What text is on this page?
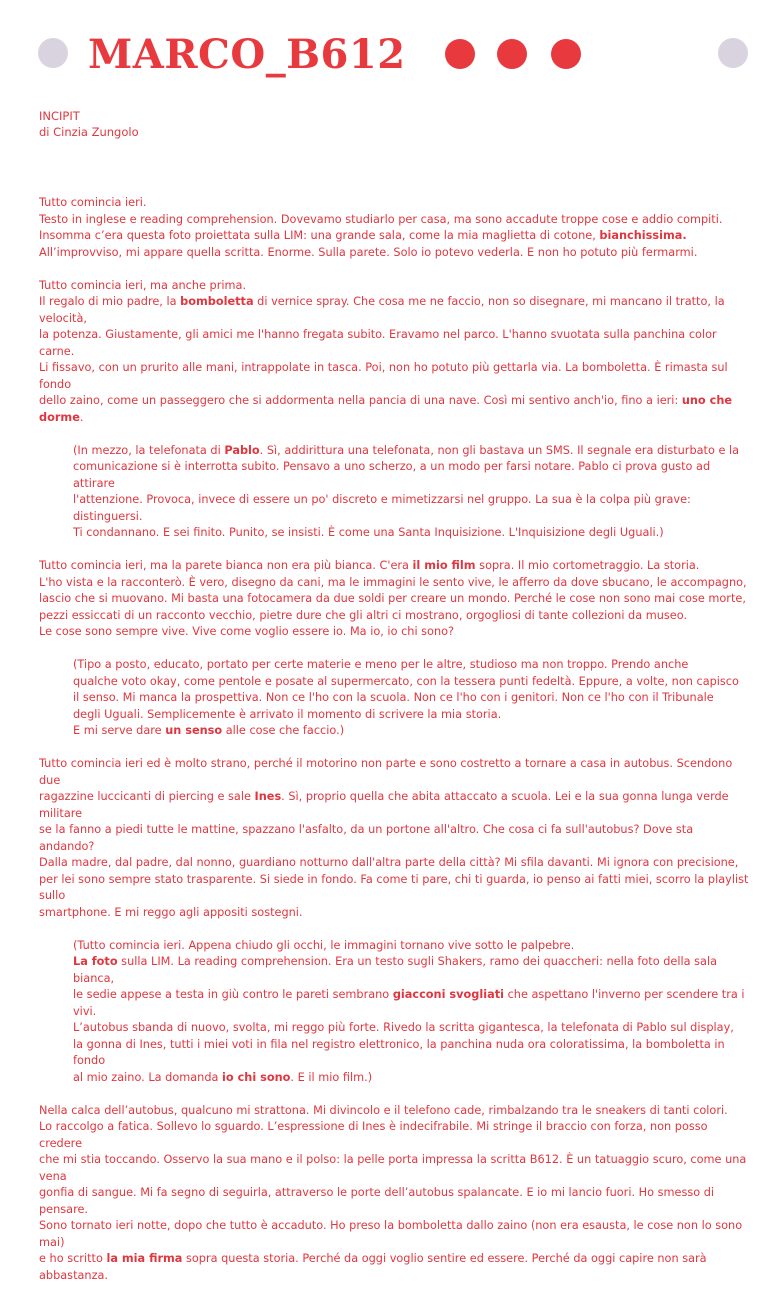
MARCO_B612
INCIPIT
di Cinzia Zungolo

Tutto comincia ieri.
Testo in inglese e reading comprehension. Dovevamo studiarlo per casa, ma sono accadute troppe cose e addio compiti.
Insomma c’era questa foto proiettata sulla LIM: una grande sala, come la mia maglietta di cotone, bianchissima.
All’improvviso, mi appare quella scritta. Enorme. Sulla parete. Solo io potevo vederla. E non ho potuto più fermarmi.

Tutto comincia ieri, ma anche prima.
Il regalo di mio padre, la bomboletta di vernice spray. Che cosa me ne faccio, non so disegnare, mi mancano il tratto, la velocità,
la potenza. Giustamente, gli amici me l'hanno fregata subito. Eravamo nel parco. L'hanno svuotata sulla panchina color carne.
Li fissavo, con un prurito alle mani, intrappolate in tasca. Poi, non ho potuto più gettarla via. La bomboletta. È rimasta sul fondo
dello zaino, come un passeggero che si addormenta nella pancia di una nave. Così mi sentivo anch'io, fino a ieri: uno che dorme.

(In mezzo, la telefonata di Pablo. Sì, addirittura una telefonata, non gli bastava un SMS. Il segnale era disturbato e la
comunicazione si è interrotta subito. Pensavo a uno scherzo, a un modo per farsi notare. Pablo ci prova gusto ad attirare
l'attenzione. Provoca, invece di essere un po' discreto e mimetizzarsi nel gruppo. La sua è la colpa più grave: distinguersi.
Ti condannano. E sei finito. Punito, se insisti. È come una Santa Inquisizione. L'Inquisizione degli Uguali.)

Tutto comincia ieri, ma la parete bianca non era più bianca. C'era il mio film sopra. Il mio cortometraggio. La storia.
L'ho vista e la racconterò. È vero, disegno da cani, ma le immagini le sento vive, le afferro da dove sbucano, le accompagno,
lascio che si muovano. Mi basta una fotocamera da due soldi per creare un mondo. Perché le cose non sono mai cose morte,
pezzi essiccati di un racconto vecchio, pietre dure che gli altri ci mostrano, orgogliosi di tante collezioni da museo.
Le cose sono sempre vive. Vive come voglio essere io. Ma io, io chi sono?

(Tipo a posto, educato, portato per certe materie e meno per le altre, studioso ma non troppo. Prendo anche
qualche voto okay, come pentole e posate al supermercato, con la tessera punti fedeltà. Eppure, a volte, non capisco
il senso. Mi manca la prospettiva. Non ce l'ho con la scuola. Non ce l'ho con i genitori. Non ce l'ho con il Tribunale
degli Uguali. Semplicemente è arrivato il momento di scrivere la mia storia.
E mi serve dare un senso alle cose che faccio.)

Tutto comincia ieri ed è molto strano, perché il motorino non parte e sono costretto a tornare a casa in autobus. Scendono due
ragazzine luccicanti di piercing e sale Ines. Sì, proprio quella che abita attaccato a scuola. Lei e la sua gonna lunga verde militare
se la fanno a piedi tutte le mattine, spazzano l'asfalto, da un portone all'altro. Che cosa ci fa sull'autobus? Dove sta andando?
Dalla madre, dal padre, dal nonno, guardiano notturno dall'altra parte della città? Mi sfila davanti. Mi ignora con precisione,
per lei sono sempre stato trasparente. Si siede in fondo. Fa come ti pare, chi ti guarda, io penso ai fatti miei, scorro la playlist sullo
smartphone. E mi reggo agli appositi sostegni.

(Tutto comincia ieri. Appena chiudo gli occhi, le immagini tornano vive sotto le palpebre.
La foto sulla LIM. La reading comprehension. Era un testo sugli Shakers, ramo dei quaccheri: nella foto della sala bianca,
le sedie appese a testa in giù contro le pareti sembrano giacconi svogliati che aspettano l'inverno per scendere tra i vivi.
L’autobus sbanda di nuovo, svolta, mi reggo più forte. Rivedo la scritta gigantesca, la telefonata di Pablo sul display,
la gonna di Ines, tutti i miei voti in fila nel registro elettronico, la panchina nuda ora coloratissima, la bomboletta in fondo
al mio zaino. La domanda io chi sono. E il mio film.)

Nella calca dell’autobus, qualcuno mi strattona. Mi divincolo e il telefono cade, rimbalzando tra le sneakers di tanti colori.
Lo raccolgo a fatica. Sollevo lo sguardo. L’espressione di Ines è indecifrabile. Mi stringe il braccio con forza, non posso credere
che mi stia toccando. Osservo la sua mano e il polso: la pelle porta impressa la scritta B612. È un tatuaggio scuro, come una vena
gonfia di sangue. Mi fa segno di seguirla, attraverso le porte dell’autobus spalancate. E io mi lancio fuori. Ho smesso di pensare.
Sono tornato ieri notte, dopo che tutto è accaduto. Ho preso la bomboletta dallo zaino (non era esausta, le cose non lo sono mai)
e ho scritto la mia firma sopra questa storia. Perché da oggi voglio sentire ed essere. Perché da oggi capire non sarà abbastanza.
